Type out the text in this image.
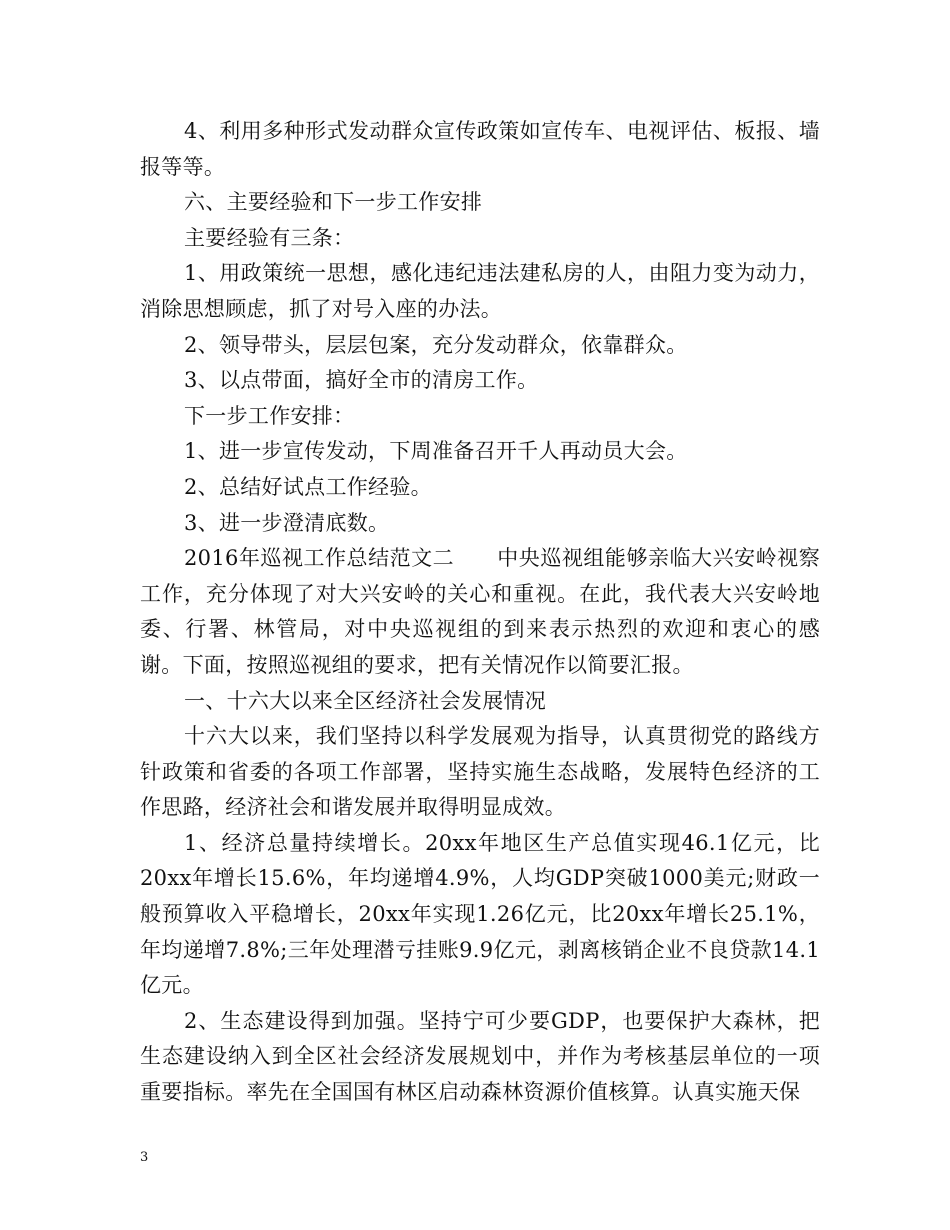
4、利用多种形式发动群众宣传政策如宣传车、电视评估、板报、墙报等等。

六、主要经验和下一步工作安排

主要经验有三条：

1、用政策统一思想，感化违纪违法建私房的人，由阻力变为动力，消除思想顾虑，抓了对号入座的办法。

2、领导带头，层层包案，充分发动群众，依靠群众。

3、以点带面，搞好全市的清房工作。

下一步工作安排：

1、进一步宣传发动，下周准备召开千人再动员大会。

2、总结好试点工作经验。

3、进一步澄清底数。

2016年巡视工作总结范文二　　中央巡视组能够亲临大兴安岭视察工作，充分体现了对大兴安岭的关心和重视。在此，我代表大兴安岭地委、行署、林管局，对中央巡视组的到来表示热烈的欢迎和衷心的感谢。下面，按照巡视组的要求，把有关情况作以简要汇报。

一、十六大以来全区经济社会发展情况

十六大以来，我们坚持以科学发展观为指导，认真贯彻党的路线方针政策和省委的各项工作部署，坚持实施生态战略，发展特色经济的工作思路，经济社会和谐发展并取得明显成效。

1、经济总量持续增长。20xx年地区生产总值实现46.1亿元，比20xx年增长15.6%，年均递增4.9%，人均GDP突破1000美元;财政一般预算收入平稳增长，20xx年实现1.26亿元，比20xx年增长25.1%，年均递增7.8%;三年处理潜亏挂账9.9亿元，剥离核销企业不良贷款14.1亿元。

2、生态建设得到加强。坚持宁可少要GDP，也要保护大森林，把生态建设纳入到全区社会经济发展规划中，并作为考核基层单位的一项重要指标。率先在全国国有林区启动森林资源价值核算。认真实施天保

3
